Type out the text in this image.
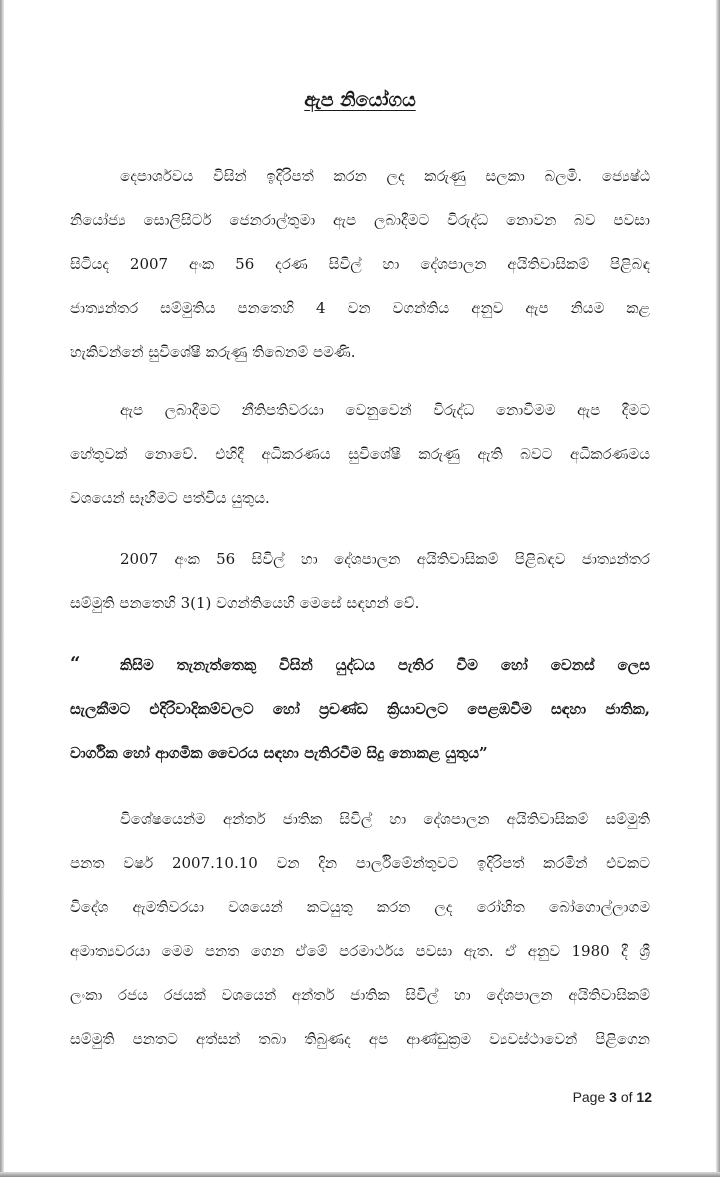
ඇප නියෝගය
දෙපාර්ශවය විසින් ඉදිරිපත් කරන ලද කරුණු සලකා බලමි. ජ්‍යෙෂ්ඨ
නියෝජ්‍ය සොලිසිටර් ජෙනරාල්තුමා ඇප ලබාදීමට විරුද්ධ නොවන බව පවසා
සිටියද 2007 අංක 56 දරණ සිවිල් හා දේශපාලන අයිතිවාසිකම් පිළිබඳ
ජාත්‍යන්තර සම්මුතිය පනතෙහි 4 වන වගන්තිය අනුව ඇප නියම කළ
හැකිවන්නේ සුවිශේෂී කරුණු තිබෙනම් පමණි.
ඇප ලබාදීමට නීතිපතිවරයා වෙනුවෙන් විරුද්ධ නොවීමම ඇප දීමට
හේතුවක් නොවේ. එහිදී අධිකරණය සුවිශේෂී කරුණු ඇති බවට අධිකරණමය
වශයෙන් සෑහීමට පත්විය යුතුය.
2007 අංක 56 සිවිල් හා දේශපාලන අයිතිවාසිකම් පිළිබඳව ජාත්‍යන්තර
සම්මුති පනතෙහි 3(1) වගන්තියෙහි මෙසේ සඳහන් වේ.
“	කිසිම තැනැත්තෙකු විසින් යුද්ධය පැතිර වීම හෝ වෙනස් ලෙස
සැලකීමට එදිරිවාදිකම්වලට හෝ ප්‍රචණ්ඩ ක්‍රියාවලට පෙළඹවීම සඳහා ජාතික,
වාර්ගික හෝ ආගමික වෛරය සඳහා පැතිරවීම සිදු නොකළ යුතුය”
විශේෂයෙන්ම අන්තර් ජාතික සිවිල් හා දේශපාලන අයිතිවාසිකම් සම්මුති
පනත වර්ෂ 2007.10.10 වන දින පාර්ලිමේන්තුවට ඉදිරිපත් කරමින් එවකට
විදේශ ඇමතිවරයා වශයෙන් කටයුතු කරන ලද රෝහිත බෝගොල්ලාගම
අමාත්‍යවරයා මෙම පනත ගෙන ඒමේ පරමාර්ථය පවසා ඇත. ඒ අනුව 1980 දී ශ්‍රී
ලංකා රජය රජයක් වශයෙන් අන්තර් ජාතික සිවිල් හා දේශපාලන අයිතිවාසිකම්
සම්මුති පනතට අත්සන් තබා තිබුණද අප ආණ්ඩුක්‍රම ව්‍යවස්ථාවෙන් පිළිගෙන
Page 3 of 12
